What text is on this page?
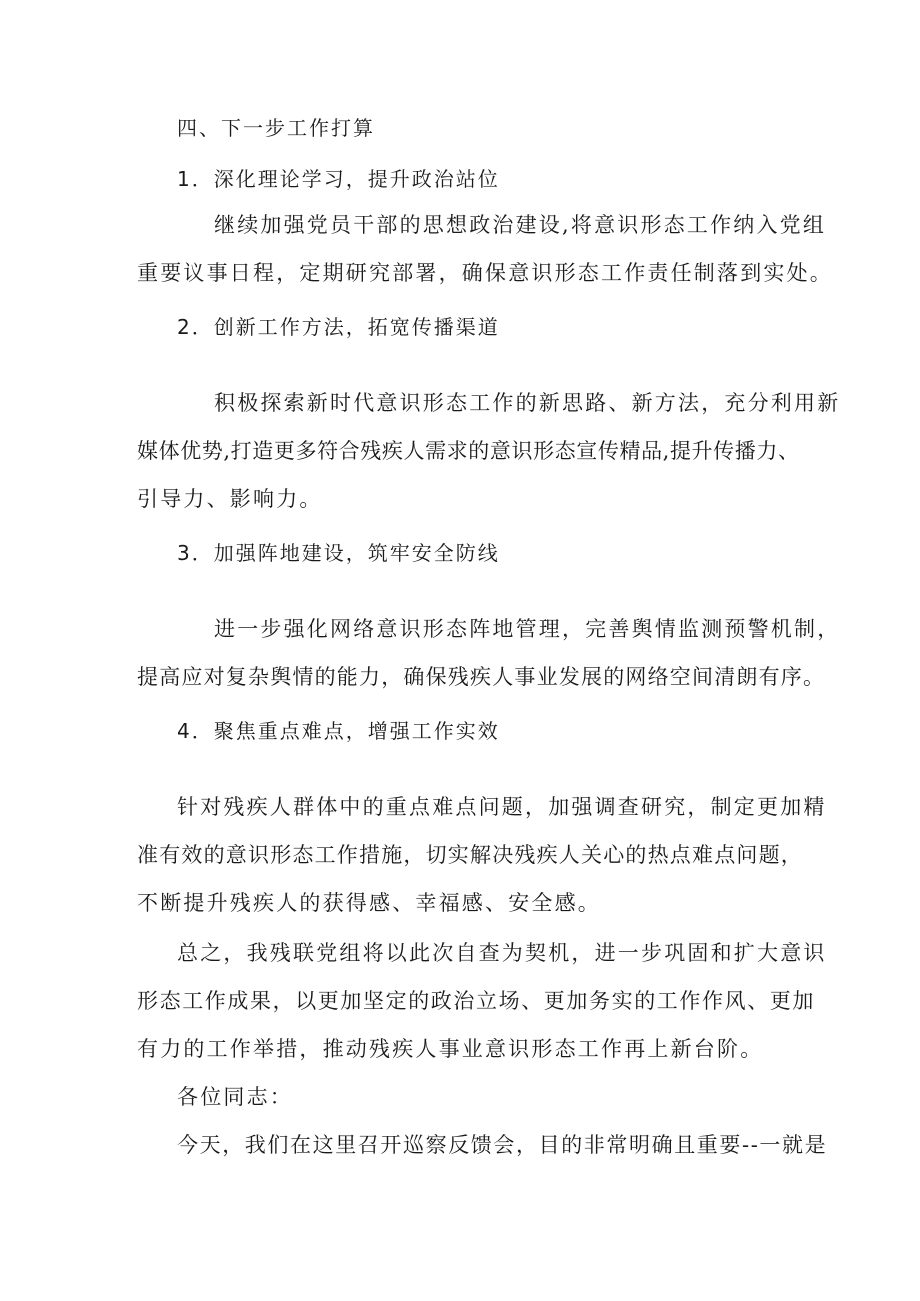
四、下一步工作打算
1．深化理论学习，提升政治站位
继续加强党员干部的思想政治建设,将意识形态工作纳入党组
重要议事日程，定期研究部署，确保意识形态工作责任制落到实处。
2．创新工作方法，拓宽传播渠道
积极探索新时代意识形态工作的新思路、新方法，充分利用新
媒体优势,打造更多符合残疾人需求的意识形态宣传精品,提升传播力、
引导力、影响力。
3．加强阵地建设，筑牢安全防线
进一步强化网络意识形态阵地管理，完善舆情监测预警机制，
提高应对复杂舆情的能力，确保残疾人事业发展的网络空间清朗有序。
4．聚焦重点难点，增强工作实效
针对残疾人群体中的重点难点问题，加强调查研究，制定更加精
准有效的意识形态工作措施，切实解决残疾人关心的热点难点问题，
不断提升残疾人的获得感、幸福感、安全感。
总之，我残联党组将以此次自查为契机，进一步巩固和扩大意识
形态工作成果，以更加坚定的政治立场、更加务实的工作作风、更加
有力的工作举措，推动残疾人事业意识形态工作再上新台阶。
各位同志：
今天，我们在这里召开巡察反馈会，目的非常明确且重要--一就是
